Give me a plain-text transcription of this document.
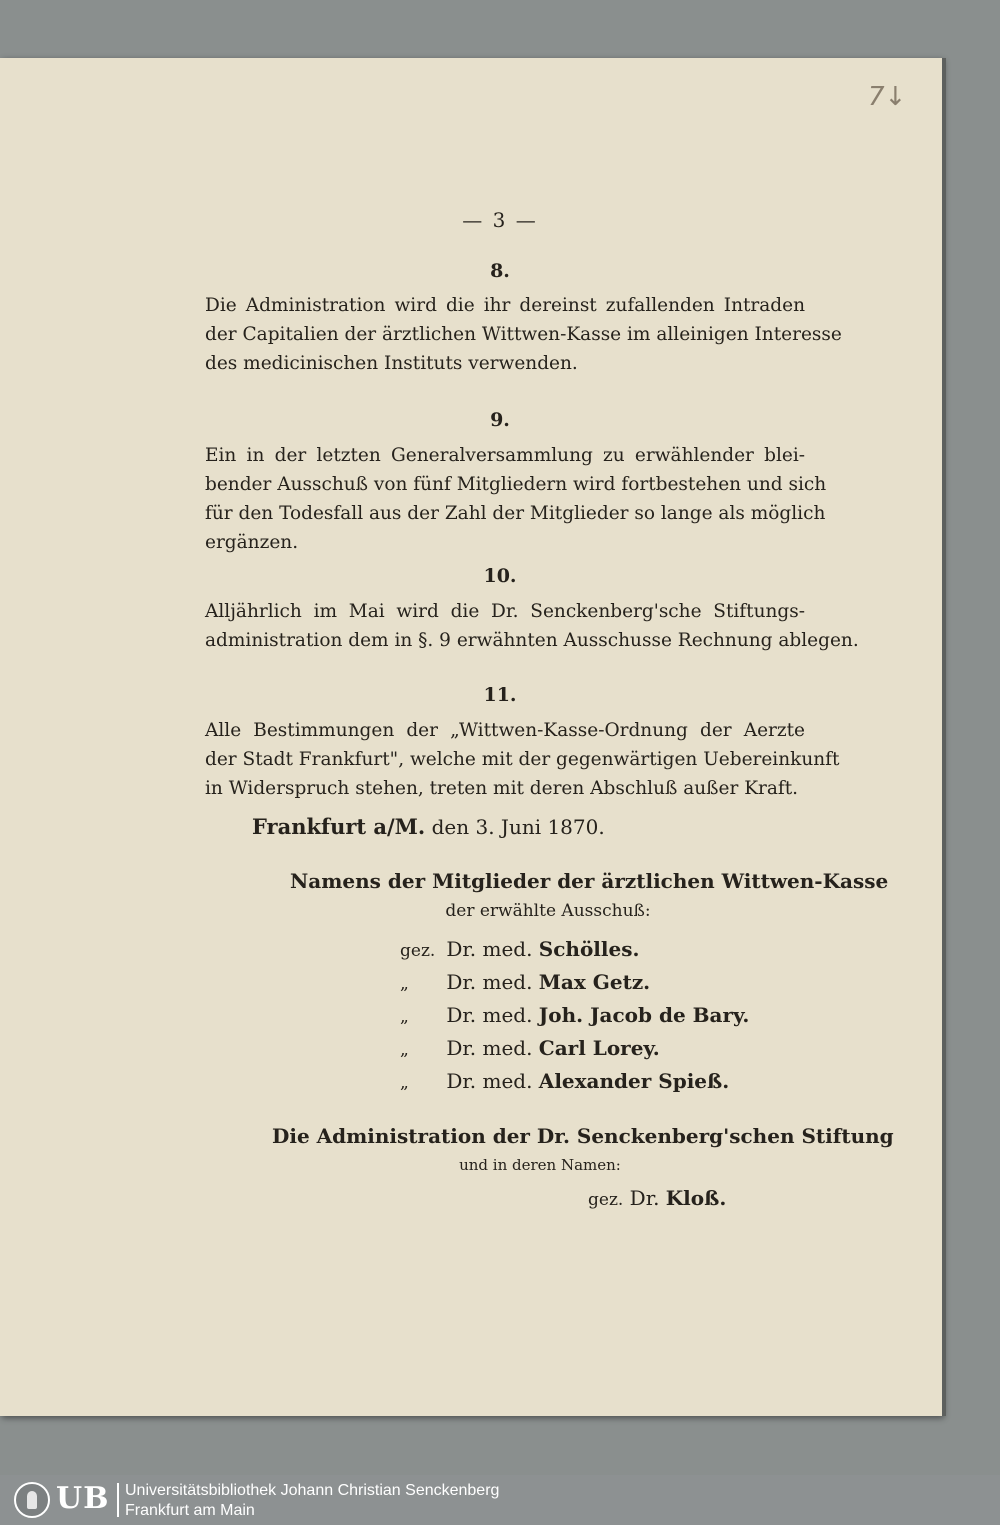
7↓
— 3 —
8.
Die Administration wird die ihr dereinst zufallenden Intraden
der Capitalien der ärztlichen Wittwen-Kasse im alleinigen Interesse
des medicinischen Instituts verwenden.
9.
Ein in der letzten Generalversammlung zu erwählender blei-
bender Ausschuß von fünf Mitgliedern wird fortbestehen und sich
für den Todesfall aus der Zahl der Mitglieder so lange als möglich
ergänzen.
10.
Alljährlich im Mai wird die Dr. Senckenberg'sche Stiftungs-
administration dem in §. 9 erwähnten Ausschusse Rechnung ablegen.
11.
Alle Bestimmungen der „Wittwen-Kasse-Ordnung der Aerzte
der Stadt Frankfurt", welche mit der gegenwärtigen Uebereinkunft
in Widerspruch stehen, treten mit deren Abschluß außer Kraft.
Frankfurt a/M. den 3. Juni 1870.
Namens der Mitglieder der ärztlichen Wittwen-Kasse
der erwählte Ausschuß:
gez. Dr. med. Schölles.
„ Dr. med. Max Getz.
„ Dr. med. Joh. Jacob de Bary.
„ Dr. med. Carl Lorey.
„ Dr. med. Alexander Spieß.
Die Administration der Dr. Senckenberg'schen Stiftung
und in deren Namen:
gez. Dr. Kloß.
UB Universitätsbibliothek Johann Christian Senckenberg
Frankfurt am Main
